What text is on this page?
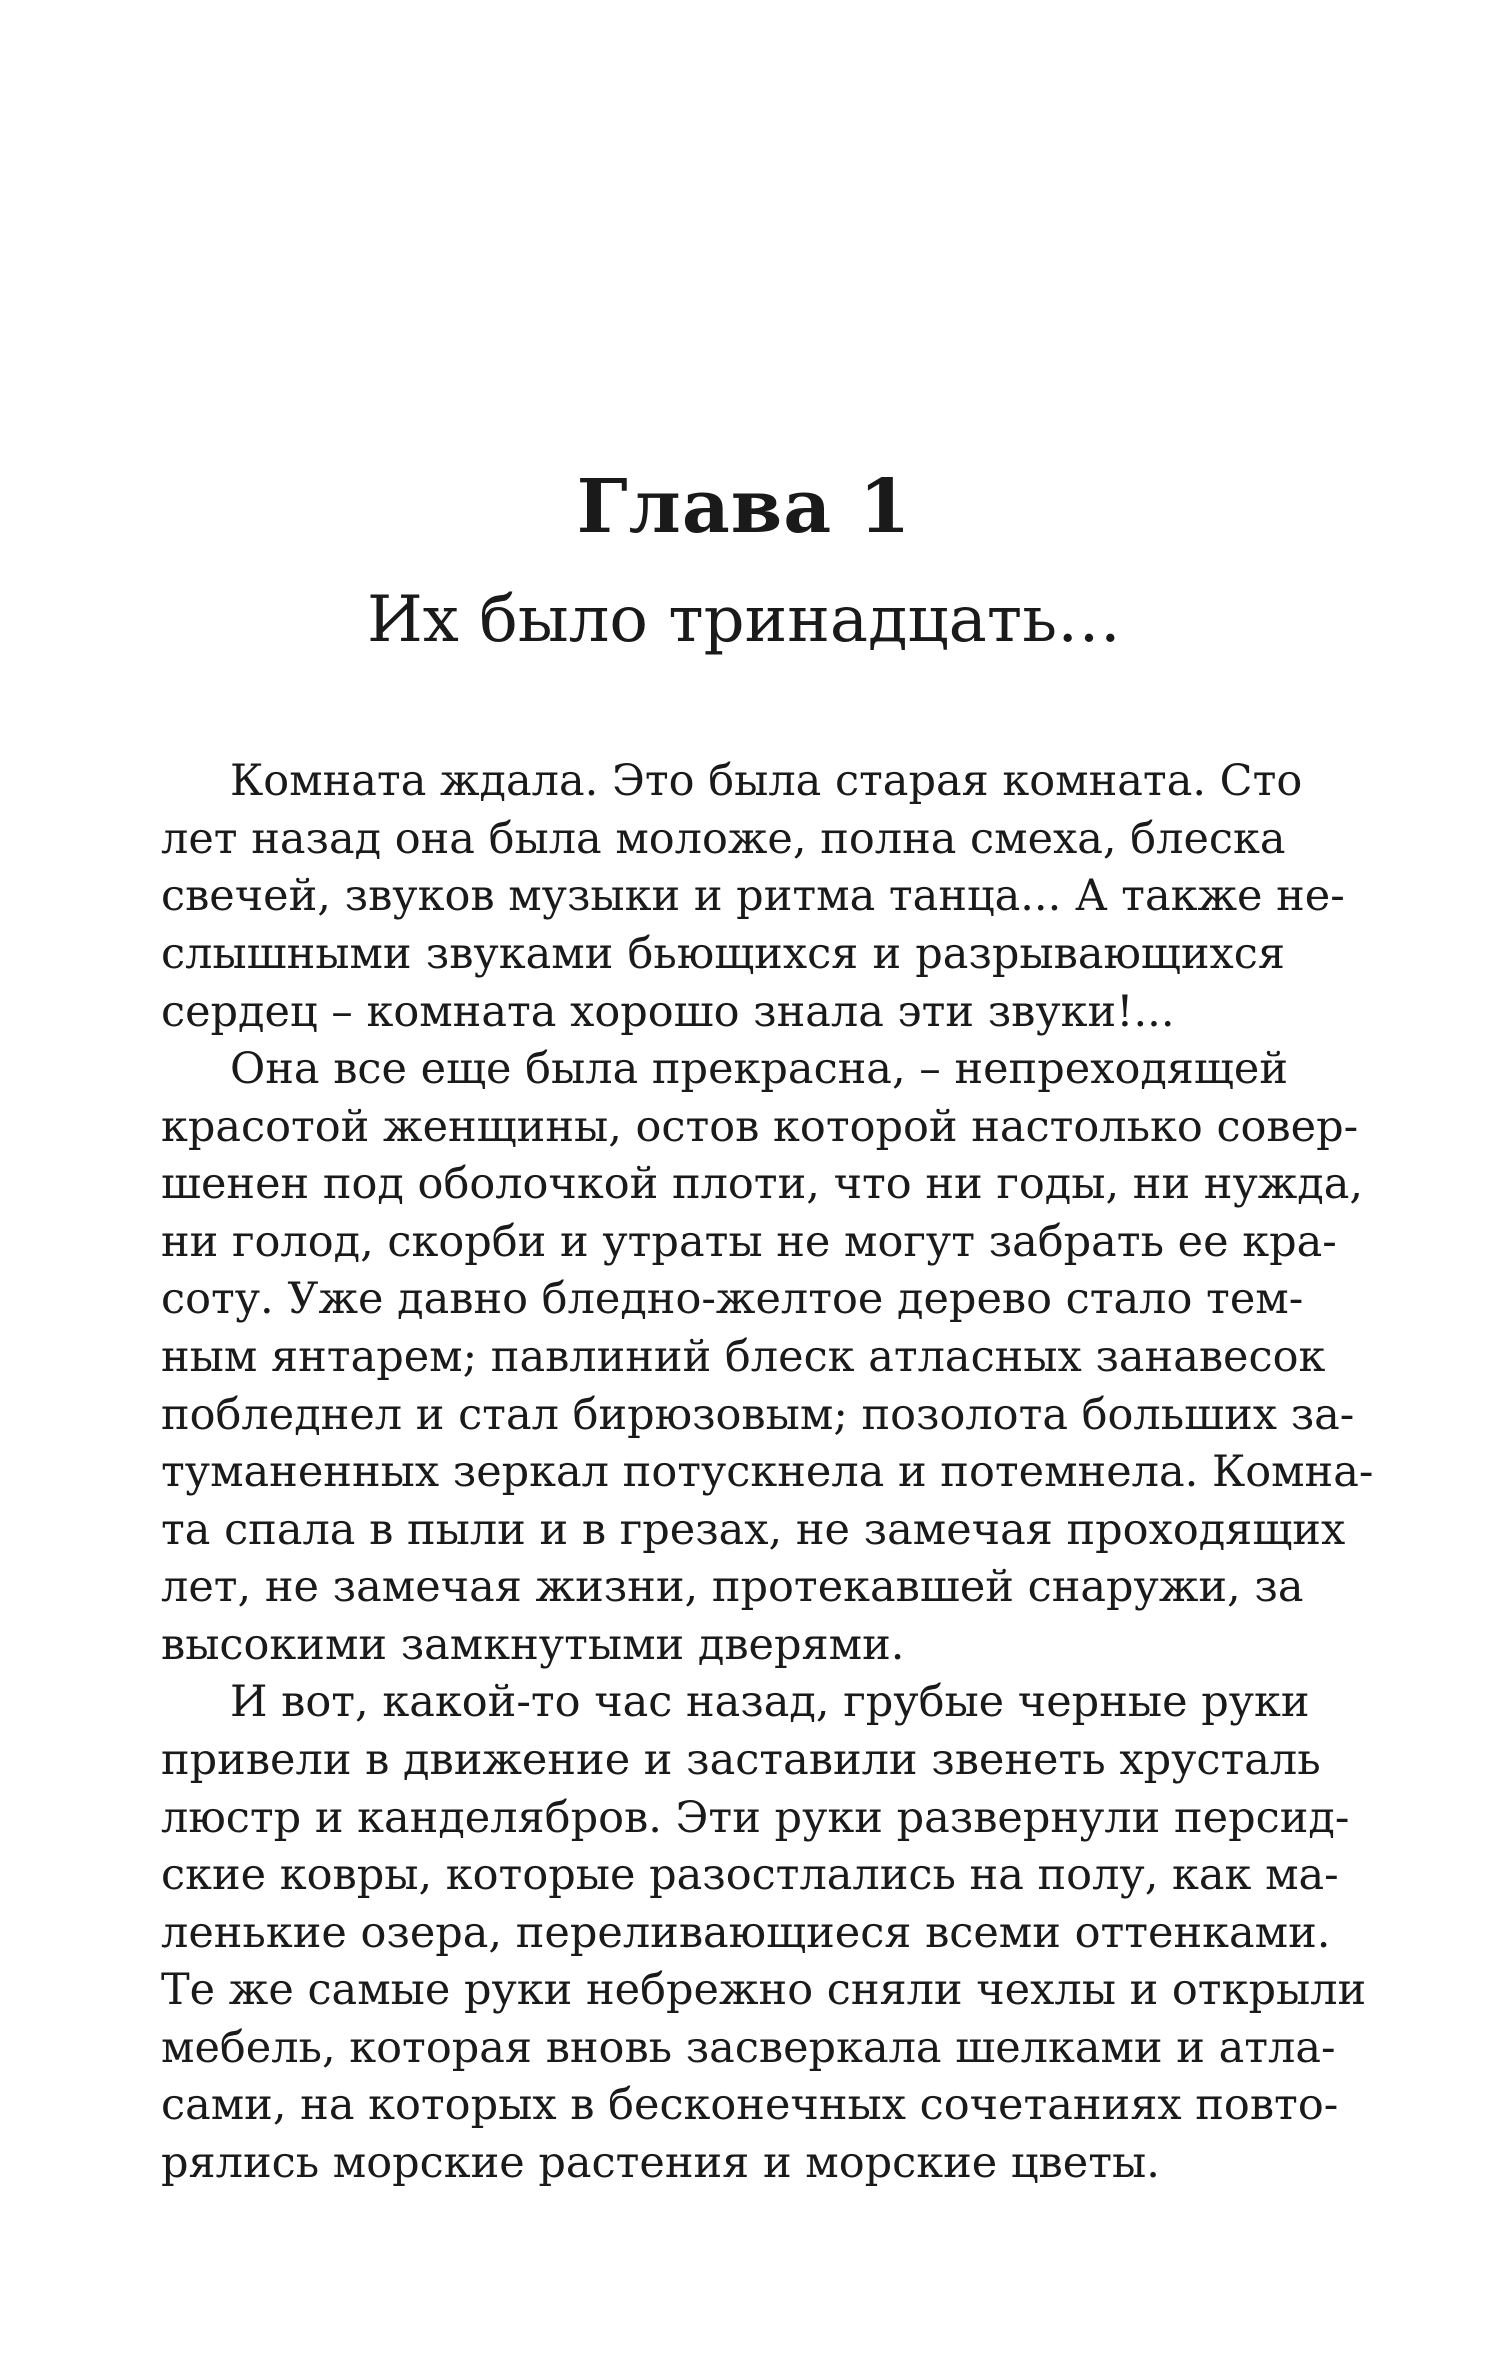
Глава 1
Их было тринадцать…

Комната ждала. Это была старая комната. Сто

лет назад она была моложе, полна смеха, блеска

свечей, звуков музыки и ритма танца... А также не-

слышными звуками бьющихся и разрывающихся

сердец – комната хорошо знала эти звуки!...

Она все еще была прекрасна, – непреходящей

красотой женщины, остов которой настолько совер-

шенен под оболочкой плоти, что ни годы, ни нужда,

ни голод, скорби и утраты не могут забрать ее кра-

соту. Уже давно бледно-желтое дерево стало тем-

ным янтарем; павлиний блеск атласных занавесок

побледнел и стал бирюзовым; позолота больших за-

туманенных зеркал потускнела и потемнела. Комна-

та спала в пыли и в грезах, не замечая проходящих

лет, не замечая жизни, протекавшей снаружи, за

высокими замкнутыми дверями.

И вот, какой-то час назад, грубые черные руки

привели в движение и заставили звенеть хрусталь

люстр и канделябров. Эти руки развернули персид-

ские ковры, которые разостлались на полу, как ма-

ленькие озера, переливающиеся всеми оттенками.

Те же самые руки небрежно сняли чехлы и открыли

мебель, которая вновь засверкала шелками и атла-

сами, на которых в бесконечных сочетаниях повто-

рялись морские растения и морские цветы.
